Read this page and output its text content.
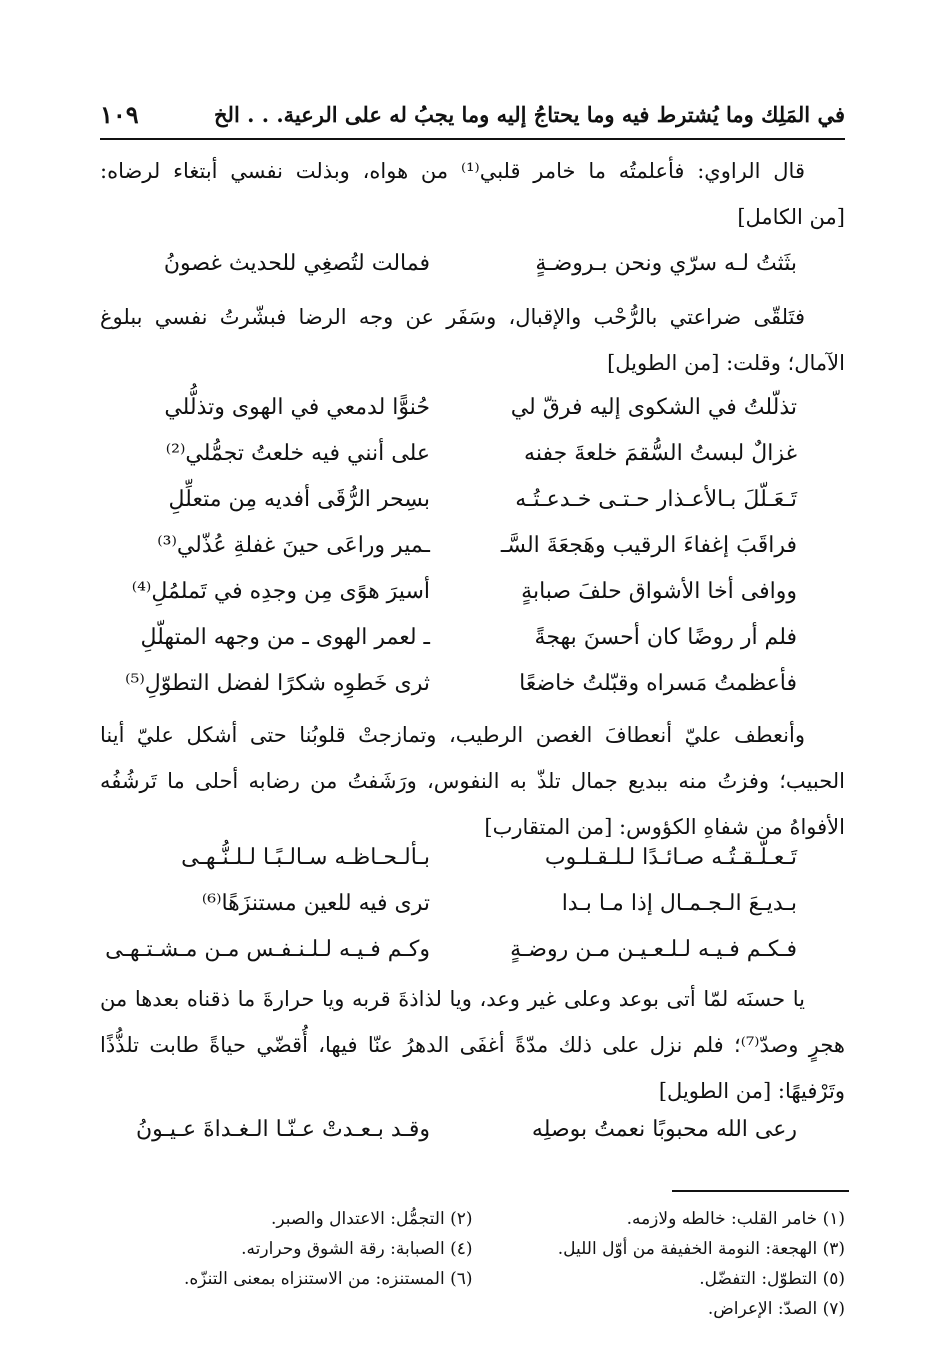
في المَلِك وما يُشترط فيه وما يحتاجُ إليه وما يجبُ له على الرعية. . . الخ
١٠٩
قال الراوي: فأعلمتُه ما خامر قلبي⁽¹⁾ من هواه، وبذلت نفسي أبتغاء لرضاه: [من الكامل]
بثَثتُ لـه سرّي ونحن بـروضـةٍ
فمالت لتُصغِي للحديث غصونُ
فتَلقّى ضراعتي بالرُّحْب والإقبال، وسَفَر عن وجه الرضا فبشّرتُ نفسي ببلوغ الآمال؛ وقلت: [من الطويل]
تذلّلتُ في الشكوى إليه فرقّ لي
حُنوًّا لدمعي في الهوى وتذلُّلي
غزالٌ لبستُ السُّقمَ خلعةَ جفنه
على أنني فيه خلعتُ تجمُّلي⁽²⁾
تَـعَـلّلَ بـالأعـذار حـتـى خـدعـتُـه
بسِحر الرُّقَى أفديه مِن متعلِّلِ
فراقَبَ إغفاءَ الرقيب وهَجعَةَ السَّـ
ـمير وراعَى حينَ غفلةِ عُذّلي⁽³⁾
ووافى أخا الأشواق حلفَ صبابةٍ
أسيرَ هوًى مِن وجدِه في تَملمُلِ⁽⁴⁾
فلم أر روضًا كان أحسنَ بهجةً
ـ لعمر الهوى ـ من وجهه المتهلّلِ
فأعظمتُ مَسراه وقبّلتُ خاضعًا
ثرى خَطوِه شكرًا لفضل التطوّلِ⁽⁵⁾
وأنعطف عليّ أنعطافَ الغصن الرطيب، وتمازجتْ قلوبُنا حتى أشكل عليّ أينا الحبيب؛ وفزتُ منه ببديع جمال تلذّ به النفوس، ورَشَفتُ من رضابه أحلى ما تَرشُفُه الأفواهُ من شفاهِ الكؤوس: [من المتقارب]
تَـعـلّـقـتُـه صـائـدًا لـلـقـلـوب
بـألـحـاظـه سـالـبًـا لـلـنُّـهـى
بـديـعَ الـجـمـال إذا مـا بـدا
ترى فيه للعين مستنزَهًا⁽⁶⁾
فـكـم فـيـه لـلـعـيـن مـن روضـةٍ
وكـم فـيـه لـلـنـفـس مـن مـشـتـهـى
يا حسنَه لمّا أتى بوعد وعلى غير وعد، ويا لذاذةَ قربه ويا حرارةَ ما ذقناه بعدها من هجرٍ وصدّ⁽⁷⁾؛ فلم نزل على ذلك مدّةً أغفَى الدهرُ عنّا فيها، أُقضّي حياةً طابت تلذُّذًا وتَرْفيهًا: [من الطويل]
رعى الله محبوبًا نعمتُ بوصلِه
وقـد بـعـدتْ عـنّـا الـغـداةَ عـيـونُ
(١) خامر القلب: خالطه ولازمه.
(٢) التجمُّل: الاعتدال والصبر.
(٣) الهجعة: النومة الخفيفة من أوّل الليل.
(٤) الصبابة: رقة الشوق وحرارته.
(٥) التطوّل: التفضّل.
(٦) المستنزه: من الاستنزاه بمعنى التنزّه.
(٧) الصدّ: الإعراض.
